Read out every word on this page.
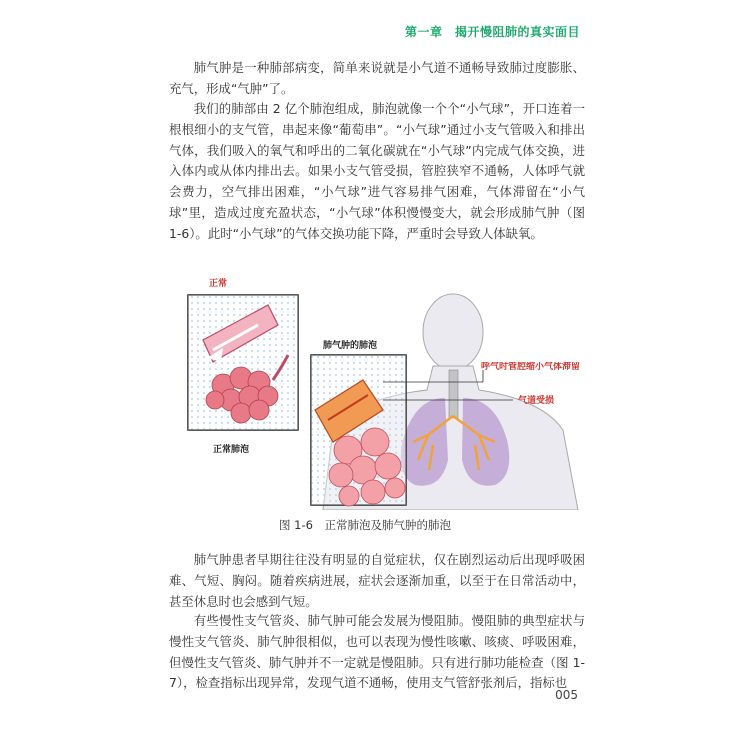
第一章　揭开慢阻肺的真实面目

肺气肿是一种肺部病变，简单来说就是小气道不通畅导致肺过度膨胀、充气，形成“气肿”了。

我们的肺部由 2 亿个肺泡组成，肺泡就像一个个“小气球”，开口连着一根根细小的支气管，串起来像“葡萄串”。“小气球”通过小支气管吸入和排出气体，我们吸入的氧气和呼出的二氧化碳就在“小气球”内完成气体交换，进入体内或从体内排出去。如果小支气管受损，管腔狭窄不通畅，人体呼气就会费力，空气排出困难，“小气球”进气容易排气困难，气体滞留在“小气球”里，造成过度充盈状态，“小气球”体积慢慢变大，就会形成肺气肿（图 1-6）。此时“小气球”的气体交换功能下降，严重时会导致人体缺氧。

正常
正常肺泡
肺气肿的肺泡
呼气时管腔缩小气体滞留
气道受损
图 1-6　正常肺泡及肺气肿的肺泡

肺气肿患者早期往往没有明显的自觉症状，仅在剧烈运动后出现呼吸困难、气短、胸闷。随着疾病进展，症状会逐渐加重，以至于在日常活动中，甚至休息时也会感到气短。

有些慢性支气管炎、肺气肿可能会发展为慢阻肺。慢阻肺的典型症状与慢性支气管炎、肺气肿很相似，也可以表现为慢性咳嗽、咳痰、呼吸困难，但慢性支气管炎、肺气肿并不一定就是慢阻肺。只有进行肺功能检查（图 1-7），检查指标出现异常，发现气道不通畅，使用支气管舒张剂后，指标也

005
